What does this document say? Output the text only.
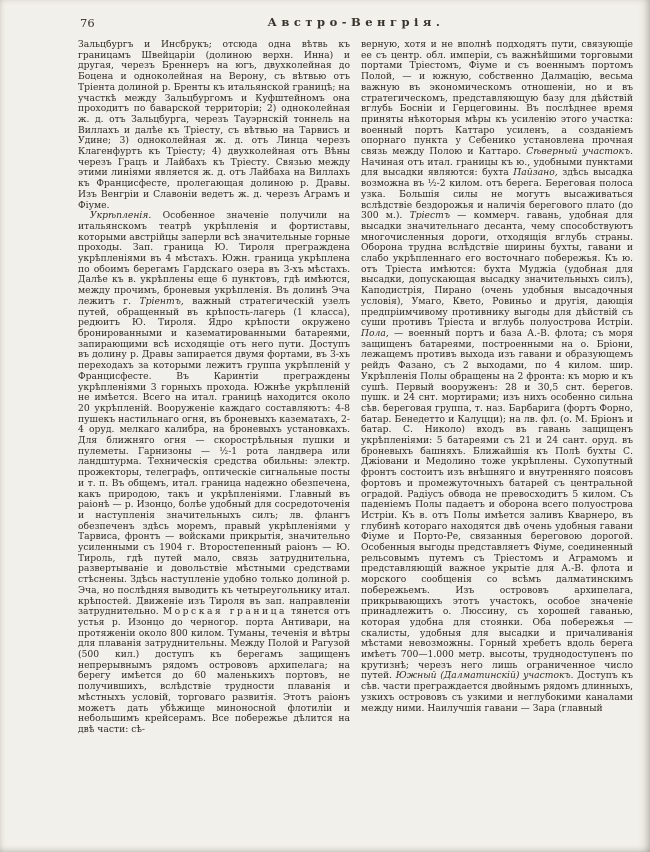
76	Австро-Венгрія.

Зальцбургъ и Инсбрукъ; отсюда одна вѣтвь къ границамъ Швейцаріи (долиною верхн. Инна) и другая, черезъ Бреннеръ на югъ, двухколейная до Боцена и одноколейная на Верону, съ вѣтвью отъ Тріента долиной р. Бренты къ итальянской границѣ; на участкѣ между Зальцбургомъ и Куфштейномъ она проходитъ по баварской территоріи; 2) одноколейная ж. д. отъ Зальцбурга, черезъ Тауэрнскій тоннель на Виллахъ и далѣе къ Тріесту, съ вѣтвью на Тарвисъ и Удине; 3) одноколейная ж. д. отъ Линца черезъ Клагенфуртъ къ Тріесту; 4) двухколейная отъ Вѣны черезъ Грацъ и Лайбахъ къ Тріесту. Связью между этими линіями является ж. д. отъ Лайбаха на Виллахъ къ Францисфесте, пролегающая долиною р. Дравы. Изъ Венгріи и Славоніи ведетъ ж. д. черезъ Аграмъ и Фіуме.

Укрѣпленія. Особенное значеніе получили на итальянскомъ театрѣ укрѣпленія и фортиставы, которыми австрійцы заперли всѣ значительные горные проходы. Зап. граница Ю. Тироля преграждена укрѣпленіями въ 4 мѣстахъ. Южн. граница укрѣплена по обоимъ берегамъ Гардскаго озера въ 3-хъ мѣстахъ. Далѣе къ в. укрѣплены еще 6 пунктовъ, гдѣ имѣются, между прочимъ, броневыя укрѣпленія. Въ долинѣ Эча лежитъ г. Тріентъ, важный стратегическій узелъ путей, обращенный въ крѣпость-лагерь (1 класса), редюитъ Ю. Тироля. Ядро крѣпости окружено бронированными и казематированными батареями, запирающими всѣ исходящіе отъ него пути. Доступъ въ долину р. Дравы запирается двумя фортами, въ 3-хъ переходахъ за которыми лежитъ группа укрѣпленій у Францисфесте. Въ Каринтіи преграждены укрѣпленіями 3 горныхъ прохода. Южнѣе укрѣпленій не имѣется. Всего на итал. границѣ находится около 20 укрѣпленій. Вооруженіе каждаго составляютъ: 4-8 пушекъ настильнаго огня, въ броневыхъ казематахъ, 2-4 оруд. мелкаго калибра, на броневыхъ установкахъ. Для ближняго огня — скорострѣльныя пушки и пулеметы. Гарнизоны — ½-1 рота ландвера или ландштурма. Техническія средства обильны: электр. прожекторы, телеграфъ, оптическіе сигнальные посты и т. п. Въ общемъ, итал. граница надежно обезпечена, какъ природою, такъ и укрѣпленіями. Главный въ раіонѣ — р. Изонцо, болѣе удобный для сосредоточенія и наступленія значительныхъ силъ; лв. флангъ обезпеченъ здѣсь моремъ, правый укрѣпленіями у Тарвиса, фронтъ — войсками прикрытія, значительно усиленными съ 1904 г. Второстепенный раіонъ — Ю. Тироль, гдѣ путей мало, связь затруднительна, развертываніе и довольствіе мѣстными средствами стѣснены. Здѣсь наступленіе удобно только долиной р. Эча, но послѣдняя выводитъ къ четыреугольнику итал. крѣпостей. Движеніе изъ Тироля въ зап. направленіи затруднительно. Морская граница тянется отъ устья р. Изонцо до черногор. порта Антивари, на протяженіи около 800 килом. Туманы, теченія и вѣтры для плаванія затруднительны. Между Полой и Рагузой (500 кил.) доступъ къ берегамъ защищенъ непрерывнымъ рядомъ острововъ архипелага; на берегу имѣется до 60 маленькихъ портовъ, не получившихъ, вслѣдствіе трудности плаванія и мѣстныхъ условій, торговаго развитія. Этотъ раіонъ можетъ дать убѣжище миноносной флотиліи и небольшимъ крейсерамъ. Все побережье дѣлится на двѣ части: сѣ-

верную, хотя и не вполнѣ подходятъ пути, связующіе ее съ центр. обл. имперіи, съ важнѣйшими торговыми портами Тріестомъ, Фіуме и съ военнымъ портомъ Полой, — и южную, собственно Далмацію, весьма важную въ экономическомъ отношеніи, но и въ стратегическомъ, представляющую базу для дѣйствій вглубь Босніи и Герцеговины. Въ послѣднее время приняты нѣкоторыя мѣры къ усиленію этого участка: военный портъ Каттаро усиленъ, а созданіемъ опорнаго пункта у Себенико установлена прочная связь между Полою и Каттаро. Сѣверный участокъ. Начиная отъ итал. границы къ ю., удобными пунктами для высадки являются: бухта Пайзано, здѣсь высадка возможна въ ½-2 килом. отъ берега. Береговая полоса узка. Большія силы не могутъ высаживаться вслѣдствіе бездорожья и наличія берегового плато (до 300 м.). Тріестъ — коммерч. гавань, удобная для высадки значительнаго десанта, чему способствуютъ многочисленныя дороги, отходящія вглубь страны. Оборона трудна вслѣдствіе ширины бухты, гавани и слабо укрѣпленнаго его восточнаго побережья. Къ ю. отъ Тріеста имѣются: бухта Муджіа (удобная для высадки, допускающая высадку значительныхъ силъ), Каподистрія, Пирано (очень удобныя высадочныя условія), Умаго, Квето, Ровиньо и другія, дающія предпріимчивому противнику выгоды для дѣйствій съ суши противъ Тріеста и вглубь полуострова Истріи. Пола, — военный портъ и база А.-В. флота; съ моря защищенъ батареями, построенными на о. Бріони, лежащемъ противъ выхода изъ гавани и образующемъ рейдъ Фазано, съ 2 выходами, по 4 килом. шир. Укрѣпленія Полы обращены на 2 фронта: къ морю и къ сушѣ. Первый вооруженъ: 28 и 30,5 снт. берегов. пушк. и 24 снт. мортирами; изъ нихъ особенно сильна сѣв. береговая группа, т. наз. Барбарига (фортъ Форно, батар. Бенедетто и Калуцци); на лв. фл. (о. М. Бріонъ и батар. С. Николо) входъ въ гавань защищенъ укрѣпленіями: 5 батареями съ 21 и 24 сант. оруд. въ броневыхъ башняхъ. Ближайшія къ Полѣ бухты С. Джіовани и Медолино тоже укрѣплены. Сухопутный фронтъ состоитъ изъ внѣшняго и внутренняго поясовъ фортовъ и промежуточныхъ батарей съ центральной оградой. Радіусъ обвода не превосходитъ 5 килом. Съ паденіемъ Полы падаетъ и оборона всего полуострова Истріи. Къ в. отъ Полы имѣется заливъ Кварнеро, въ глубинѣ котораго находятся двѣ очень удобныя гавани Фіуме и Порто-Ре, связанныя береговою дорогой. Особенныя выгоды представляетъ Фіуме, соединенный рельсовымъ путемъ съ Тріестомъ и Аграмомъ и представляющій важное укрытіе для А.-В. флота и морского сообщенія со всѣмъ далматинскимъ побережьемъ. Изъ острововъ архипелага, прикрывающихъ этотъ участокъ, особое значеніе принадлежитъ о. Люссину, съ хорошей гаванью, которая удобна для стоянки. Оба побережья — скалисты, удобныя для высадки и причаливанія мѣстами невозможны. Горный хребетъ вдоль берега имѣетъ 700—1.000 метр. высоты, труднодоступенъ по крутизнѣ; черезъ него лишь ограниченное число путей. Южный (Далматинскій) участокъ. Доступъ къ сѣв. части преграждается двойнымъ рядомъ длинныхъ, узкихъ острововъ съ узкими и неглубокими каналами между ними. Наилучшія гавани — Зара (главный
